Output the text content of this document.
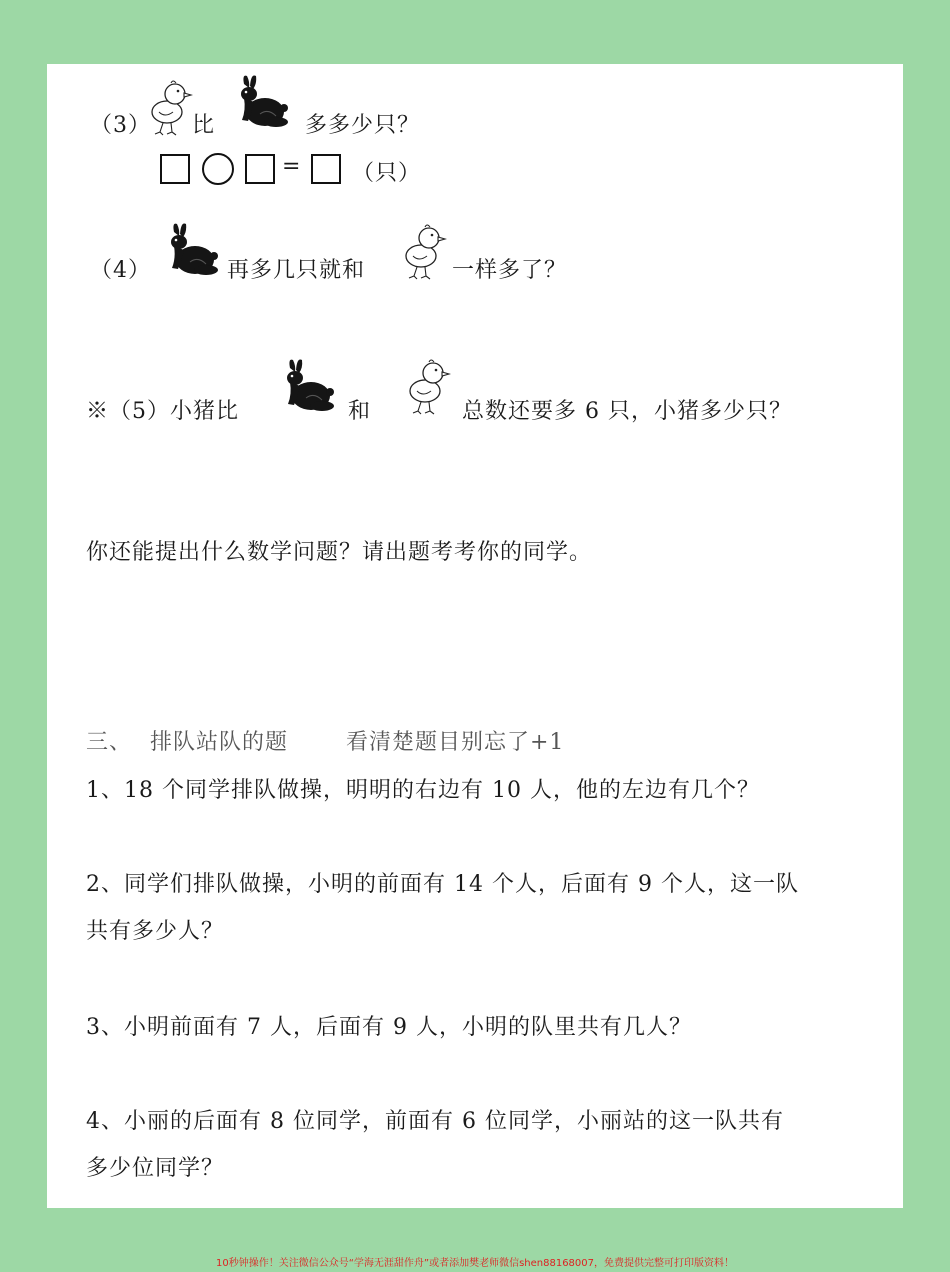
（3） 比	多多少只？
= （只）
（4）	再多几只就和	一样多了？
※（5）小猪比	和	总数还要多 6 只，小猪多少只？
你还能提出什么数学问题？请出题考考你的同学。
三、 排队站队的题	看清楚题目别忘了+1
1、18 个同学排队做操，明明的右边有 10 人，他的左边有几个？
2、同学们排队做操，小明的前面有 14 个人，后面有 9 个人，这一队
共有多少人？
3、小明前面有 7 人，后面有 9 人，小明的队里共有几人？
4、小丽的后面有 8 位同学，前面有 6 位同学，小丽站的这一队共有
多少位同学？
10秒钟操作！关注微信公众号“学海无涯甜作舟”或者添加樊老师微信shen88168007，免费提供完整可打印版资料！
